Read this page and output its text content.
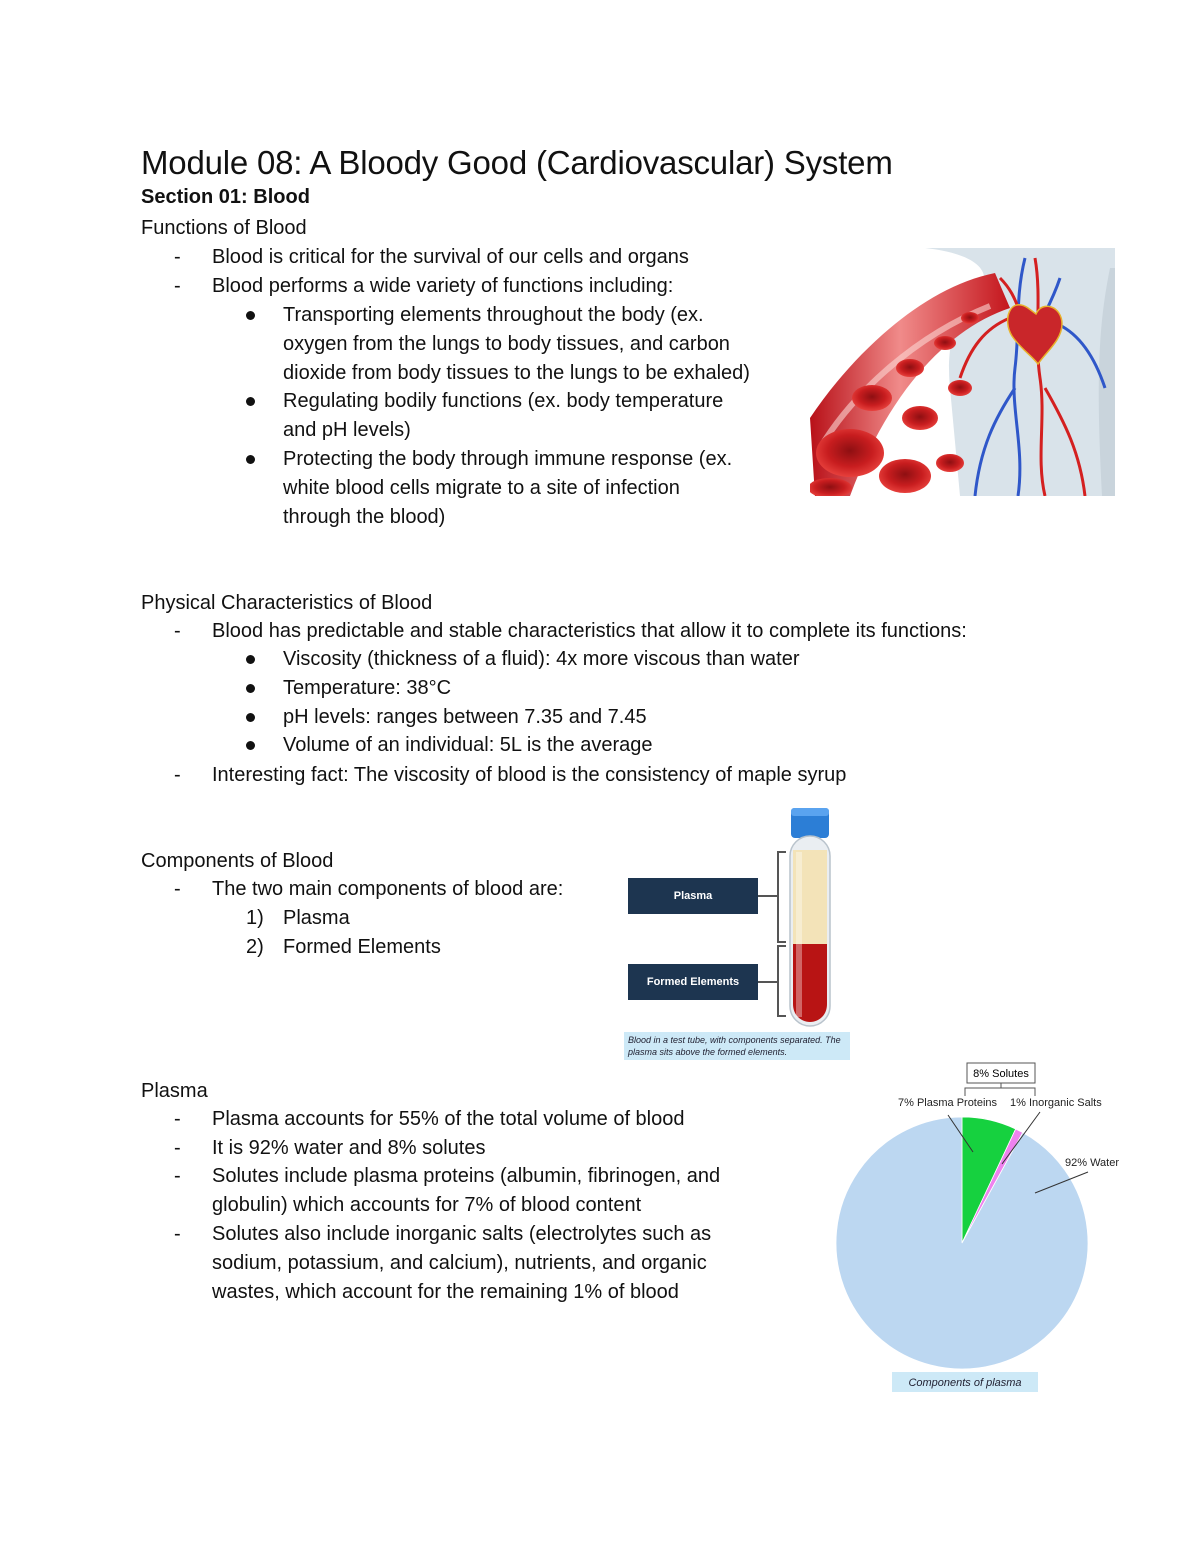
Module 08: A Bloody Good (Cardiovascular) System
Section 01: Blood
Functions of Blood
- Blood is critical for the survival of our cells and organs
- Blood performs a wide variety of functions including:
Transporting elements throughout the body (ex.
oxygen from the lungs to body tissues, and carbon
dioxide from body tissues to the lungs to be exhaled)
Regulating bodily functions (ex. body temperature
and pH levels)
Protecting the body through immune response (ex.
white blood cells migrate to a site of infection
through the blood)
Physical Characteristics of Blood
- Blood has predictable and stable characteristics that allow it to complete its functions:
Viscosity (thickness of a fluid): 4x more viscous than water
Temperature: 38°C
pH levels: ranges between 7.35 and 7.45
Volume of an individual: 5L is the average
- Interesting fact: The viscosity of blood is the consistency of maple syrup
Components of Blood
- The two main components of blood are:
1) Plasma
2) Formed Elements
Plasma
Formed Elements
Blood in a test tube, with components separated. The
plasma sits above the formed elements.
Plasma
- Plasma accounts for 55% of the total volume of blood
- It is 92% water and 8% solutes
- Solutes include plasma proteins (albumin, fibrinogen, and
globulin) which accounts for 7% of blood content
- Solutes also include inorganic salts (electrolytes such as
sodium, potassium, and calcium), nutrients, and organic
wastes, which account for the remaining 1% of blood
8% Solutes
7% Plasma Proteins 1% Inorganic Salts
92% Water
Components of plasma
